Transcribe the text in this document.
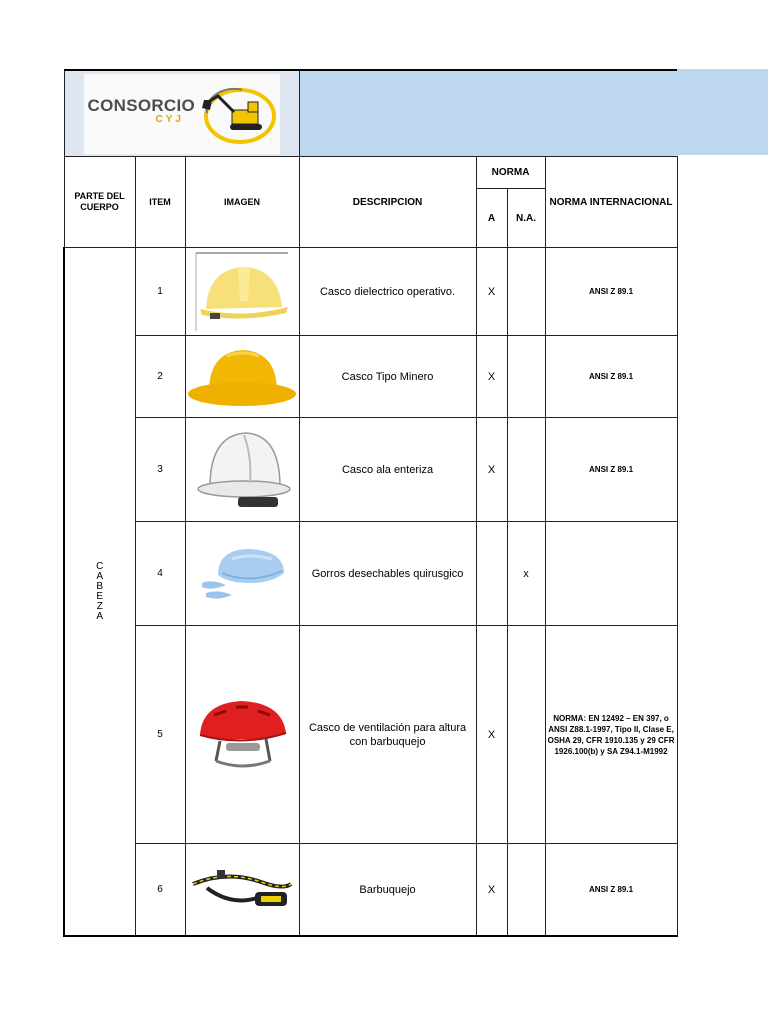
CONSORCIO
CYJ						

PARTE DEL CUERPO	ITEM	IMAGEN	DESCRIPCION	NORMA		NORMA INTERNACIONAL
				A	N.A.	
CABEZA	1		Casco dielectrico operativo.	X		ANSI Z 89.1
	2		Casco Tipo Minero	X		ANSI Z 89.1
	3		Casco ala enteriza	X		ANSI Z 89.1
	4		Gorros desechables quirusgico		x	
	5		Casco de ventilación para altura con barbuquejo	X		NORMA: EN 12492 – EN 397, o ANSI Z88.1-1997, Tipo II, Clase E, OSHA 29, CFR 1910.135 y 29 CFR 1926.100(b) y SA Z94.1-M1992
	6		Barbuquejo	X		ANSI Z 89.1
